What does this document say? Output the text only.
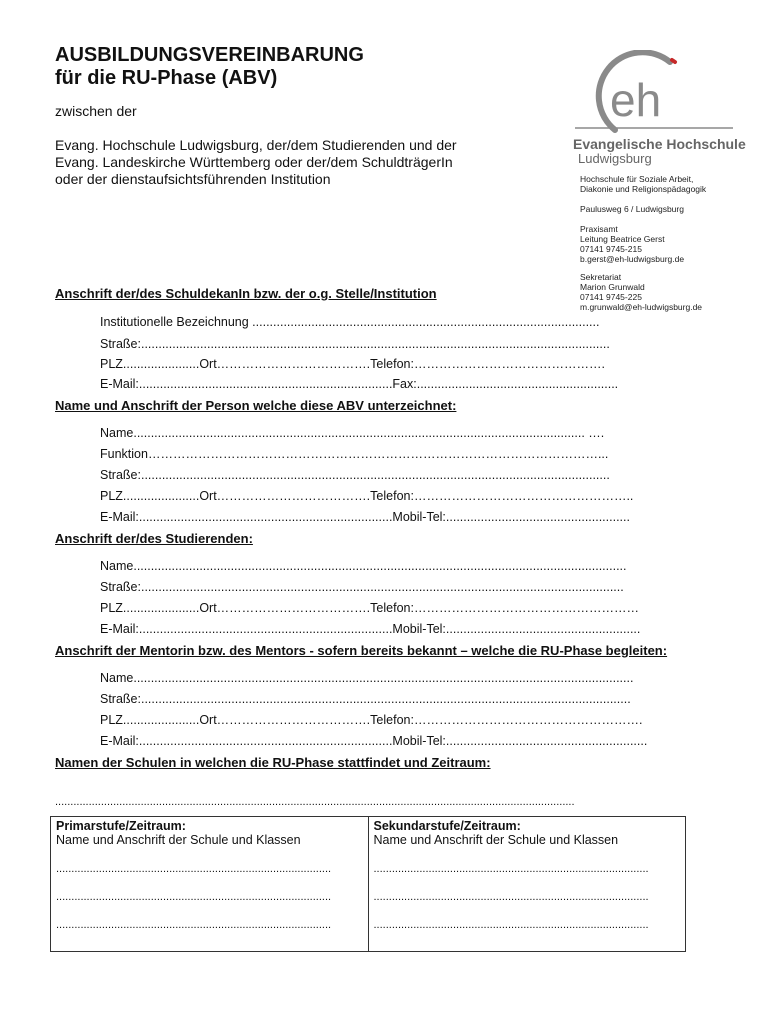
AUSBILDUNGSVEREINBARUNG
für die RU-Phase (ABV)
zwischen der
Evang. Hochschule Ludwigsburg, der/dem Studierenden und der
Evang. Landeskirche Württemberg oder der/dem SchuldträgerIn
oder der dienstaufsichtsführenden Institution
eh
Evangelische Hochschule
Ludwigsburg
Hochschule für Soziale Arbeit,
Diakonie und Religionspädagogik
Paulusweg 6 / Ludwigsburg
Praxisamt
Leitung Beatrice Gerst
07141 9745-215
b.gerst@eh-ludwigsburg.de
Sekretariat
Marion Grunwald
07141 9745-225
m.grunwald@eh-ludwigsburg.de
Anschrift der/des SchuldekanIn bzw. der o.g. Stelle/Institution
Institutionelle Bezeichnung ....................................................................................................
Straße:.......................................................................................................................................
PLZ......................Ort……………………………….Telefon:……………………………………….
E-Mail:.........................................................................Fax:..........................................................
Name und Anschrift der Person welche diese ABV unterzeichnet:
Name.................................................................................................................................. ….
Funktion………………………………………………………………………………………………...
Straße:.......................................................................................................................................
PLZ......................Ort……………………………….Telefon:……………………………………………..
E-Mail:.........................................................................Mobil-Tel:.....................................................
Anschrift der/des Studierenden:
Name..............................................................................................................................................
Straße:...........................................................................................................................................
PLZ......................Ort……………………………….Telefon:………………………………………………
E-Mail:.........................................................................Mobil-Tel:........................................................
Anschrift der Mentorin bzw. des Mentors - sofern bereits bekannt – welche die RU-Phase begleiten:
Name................................................................................................................................................
Straße:.............................................................................................................................................
PLZ......................Ort……………………………….Telefon:……………………………………………….
E-Mail:.........................................................................Mobil-Tel:..........................................................
Namen der Schulen in welchen die RU-Phase stattfindet und Zeitraum:
..........................................................................................................................................................................
Primarstufe/Zeitraum:
Name und Anschrift der Schule und Klassen
..........................................................................................
..........................................................................................
..........................................................................................

Sekundarstufe/Zeitraum:
Name und Anschrift der Schule und Klassen
..........................................................................................
..........................................................................................
..........................................................................................
